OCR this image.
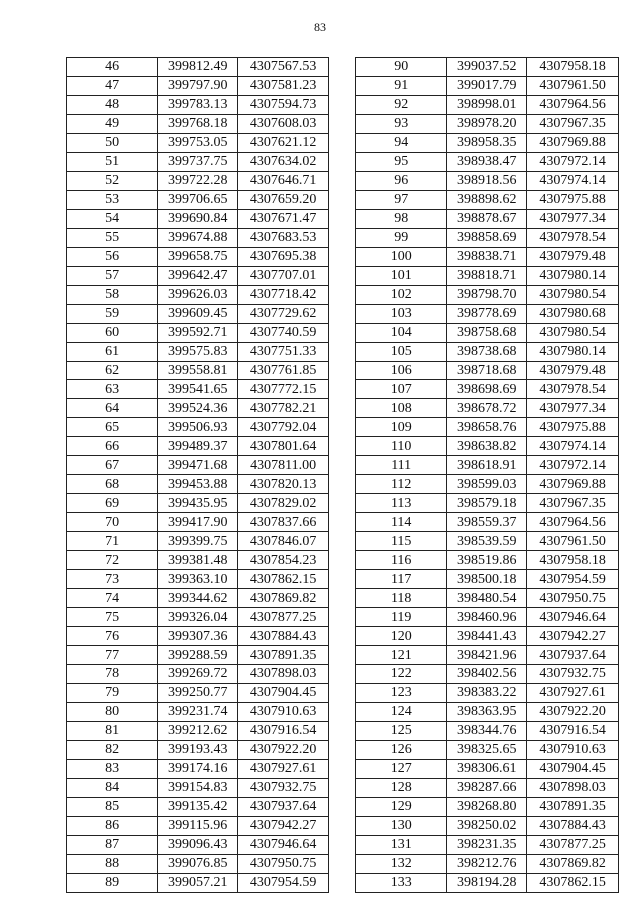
83
46	399812.49	4307567.53
47	399797.90	4307581.23
48	399783.13	4307594.73
49	399768.18	4307608.03
50	399753.05	4307621.12
51	399737.75	4307634.02
52	399722.28	4307646.71
53	399706.65	4307659.20
54	399690.84	4307671.47
55	399674.88	4307683.53
56	399658.75	4307695.38
57	399642.47	4307707.01
58	399626.03	4307718.42
59	399609.45	4307729.62
60	399592.71	4307740.59
61	399575.83	4307751.33
62	399558.81	4307761.85
63	399541.65	4307772.15
64	399524.36	4307782.21
65	399506.93	4307792.04
66	399489.37	4307801.64
67	399471.68	4307811.00
68	399453.88	4307820.13
69	399435.95	4307829.02
70	399417.90	4307837.66
71	399399.75	4307846.07
72	399381.48	4307854.23
73	399363.10	4307862.15
74	399344.62	4307869.82
75	399326.04	4307877.25
76	399307.36	4307884.43
77	399288.59	4307891.35
78	399269.72	4307898.03
79	399250.77	4307904.45
80	399231.74	4307910.63
81	399212.62	4307916.54
82	399193.43	4307922.20
83	399174.16	4307927.61
84	399154.83	4307932.75
85	399135.42	4307937.64
86	399115.96	4307942.27
87	399096.43	4307946.64
88	399076.85	4307950.75
89	399057.21	4307954.59
90	399037.52	4307958.18
91	399017.79	4307961.50
92	398998.01	4307964.56
93	398978.20	4307967.35
94	398958.35	4307969.88
95	398938.47	4307972.14
96	398918.56	4307974.14
97	398898.62	4307975.88
98	398878.67	4307977.34
99	398858.69	4307978.54
100	398838.71	4307979.48
101	398818.71	4307980.14
102	398798.70	4307980.54
103	398778.69	4307980.68
104	398758.68	4307980.54
105	398738.68	4307980.14
106	398718.68	4307979.48
107	398698.69	4307978.54
108	398678.72	4307977.34
109	398658.76	4307975.88
110	398638.82	4307974.14
111	398618.91	4307972.14
112	398599.03	4307969.88
113	398579.18	4307967.35
114	398559.37	4307964.56
115	398539.59	4307961.50
116	398519.86	4307958.18
117	398500.18	4307954.59
118	398480.54	4307950.75
119	398460.96	4307946.64
120	398441.43	4307942.27
121	398421.96	4307937.64
122	398402.56	4307932.75
123	398383.22	4307927.61
124	398363.95	4307922.20
125	398344.76	4307916.54
126	398325.65	4307910.63
127	398306.61	4307904.45
128	398287.66	4307898.03
129	398268.80	4307891.35
130	398250.02	4307884.43
131	398231.35	4307877.25
132	398212.76	4307869.82
133	398194.28	4307862.15
